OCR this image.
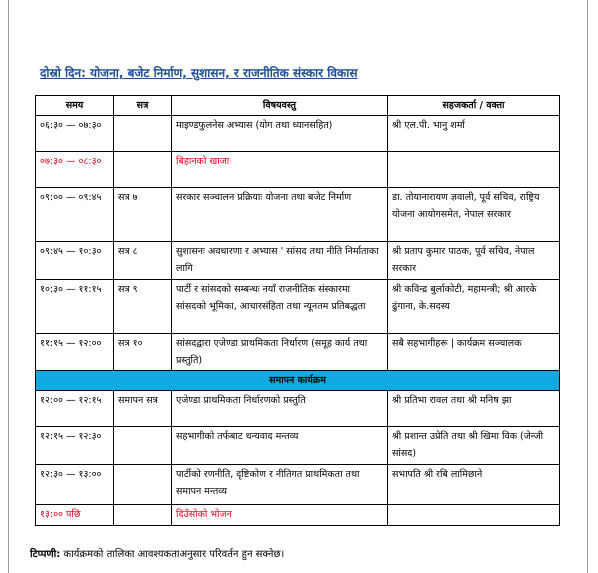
दोस्रो दिन: योजना, बजेट निर्माण, सुशासन, र राजनीतिक संस्कार विकास
समय	सत्र	विषयवस्तु	सहजकर्ता / वक्ता
०६:३० — ०७:३०		माइण्डफुलनेस अभ्यास (योग तथा ध्यानसहित)	श्री एल.पी. भानु शर्मा
०७:३० — ०८:३०		बिहानको खाजा	
०९:०० — ०९:४५	सत्र ७	सरकार सञ्चालन प्रक्रियाः योजना तथा बजेट निर्माण	डा. तोयानारायण ज्ञवाली, पूर्व सचिव, राष्ट्रिय योजना आयोगसमेत, नेपाल सरकार
०९:४५ — १०:३०	सत्र ८	सुशासनः अवधारणा र अभ्यास ' सांसद तथा नीति निर्माताका लागि	श्री प्रताप कुमार पाठक, पूर्व सचिव, नेपाल सरकार
१०:३० — ११:१५	सत्र ९	पार्टी र सांसदको सम्बन्धः नयाँ राजनीतिक संस्कारमा सांसदको भूमिका, आचारसंहिता तथा न्यूनतम प्रतिबद्धता	श्री कविन्द्र बुर्लाकोटी, महामन्त्री; श्री आरके ढुंगाना, के.सदस्य
११:१५ — १२:००	सत्र १०	सांसदद्वारा एजेण्डा प्राथमिकता निर्धारण (समूह कार्य तथा प्रस्तुति)	सबै सहभागीहरू | कार्यक्रम सञ्चालक
समापन कार्यक्रम			
१२:०० — १२:१५	समापन सत्र	एजेण्डा प्राथमिकता निर्धारणको प्रस्तुति	श्री प्रतिभा रावल तथा श्री मनिष झा
१२:१५ — १२:३०		सहभागीको तर्फबाट धन्यवाद मन्तव्य	श्री प्रशान्त उप्रेति तथा श्री खिमा विक (जेन्जी सांसद)
१२:३० — १३:००		पार्टीको रणनीति, दृष्टिकोण र नीतिगत प्राथमिकता तथा समापन मन्तव्य	सभापति श्री रबि लामिछाने
१३:०० पछि		दिउँसोको भोजन	
टिप्पणी: कार्यक्रमको तालिका आवश्यकताअनुसार परिवर्तन हुन सक्नेछ।
